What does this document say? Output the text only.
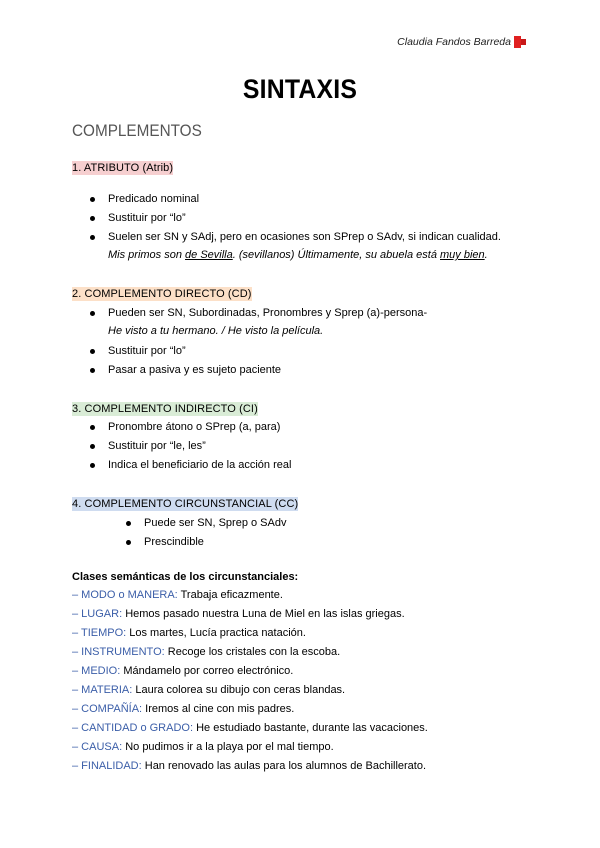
Claudia Fandos Barreda
SINTAXIS
COMPLEMENTOS
1. ATRIBUTO (Atrib)
Predicado nominal
Sustituir por “lo”
Suelen ser SN y SAdj, pero en ocasiones son SPrep o SAdv, si indican cualidad.
Mis primos son de Sevilla. (sevillanos) Últimamente, su abuela está muy bien.
2. COMPLEMENTO DIRECTO (CD)
Pueden ser SN, Subordinadas, Pronombres y Sprep (a)-persona-
He visto a tu hermano. / He visto la película.
Sustituir por “lo”
Pasar a pasiva y es sujeto paciente
3. COMPLEMENTO INDIRECTO (CI)
Pronombre átono o SPrep (a, para)
Sustituir por “le, les”
Indica el beneficiario de la acción real
4. COMPLEMENTO CIRCUNSTANCIAL (CC)
Puede ser SN, Sprep o SAdv
Prescindible
Clases semánticas de los circunstanciales:
– MODO o MANERA: Trabaja eficazmente.
– LUGAR: Hemos pasado nuestra Luna de Miel en las islas griegas.
– TIEMPO: Los martes, Lucía practica natación.
– INSTRUMENTO: Recoge los cristales con la escoba.
– MEDIO: Mándamelo por correo electrónico.
– MATERIA: Laura colorea su dibujo con ceras blandas.
– COMPAÑÍA: Iremos al cine con mis padres.
– CANTIDAD o GRADO: He estudiado bastante, durante las vacaciones.
– CAUSA: No pudimos ir a la playa por el mal tiempo.
– FINALIDAD: Han renovado las aulas para los alumnos de Bachillerato.
